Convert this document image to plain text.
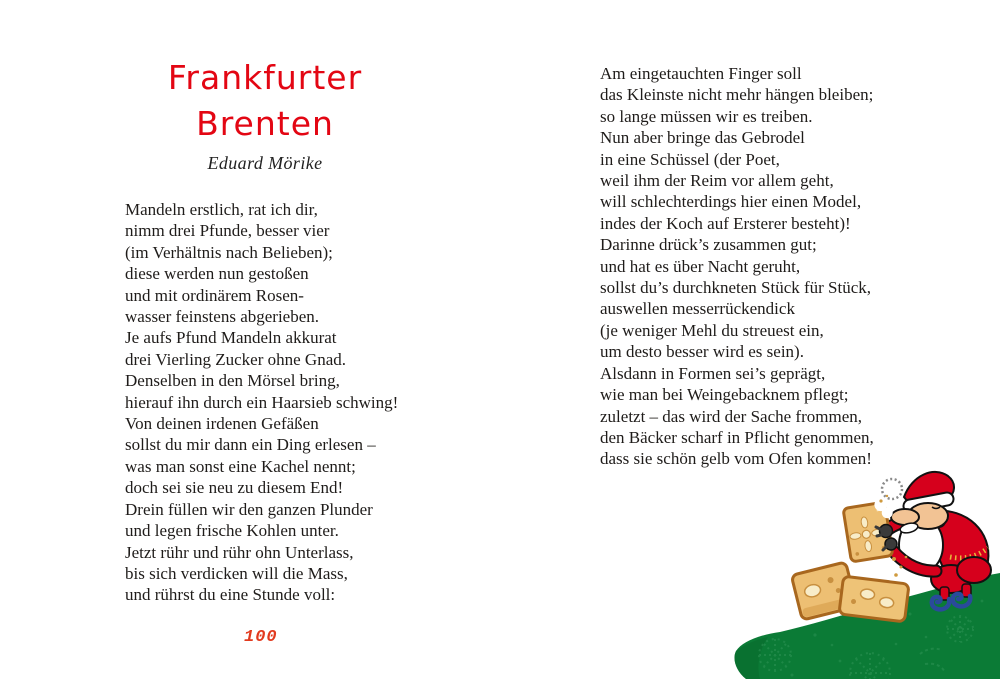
Frankfurter
Brenten
Eduard Mörike
Mandeln erstlich, rat ich dir,
nimm drei Pfunde, besser vier
(im Verhältnis nach Belieben);
diese werden nun gestoßen
und mit ordinärem Rosen-
wasser feinstens abgerieben.
Je aufs Pfund Mandeln akkurat
drei Vierling Zucker ohne Gnad.
Denselben in den Mörsel bring,
hierauf ihn durch ein Haarsieb schwing!
Von deinen irdenen Gefäßen
sollst du mir dann ein Ding erlesen –
was man sonst eine Kachel nennt;
doch sei sie neu zu diesem End!
Drein füllen wir den ganzen Plunder
und legen frische Kohlen unter.
Jetzt rühr und rühr ohn Unterlass,
bis sich verdicken will die Mass,
und rührst du eine Stunde voll:
100
Am eingetauchten Finger soll
das Kleinste nicht mehr hängen bleiben;
so lange müssen wir es treiben.
Nun aber bringe das Gebrodel
in eine Schüssel (der Poet,
weil ihm der Reim vor allem geht,
will schlechterdings hier einen Model,
indes der Koch auf Ersterer besteht)!
Darinne drück’s zusammen gut;
und hat es über Nacht geruht,
sollst du’s durchkneten Stück für Stück,
auswellen messerrückendick
(je weniger Mehl du streuest ein,
um desto besser wird es sein).
Alsdann in Formen sei’s geprägt,
wie man bei Weingebacknem pflegt;
zuletzt – das wird der Sache frommen,
den Bäcker scharf in Pflicht genommen,
dass sie schön gelb vom Ofen kommen!
